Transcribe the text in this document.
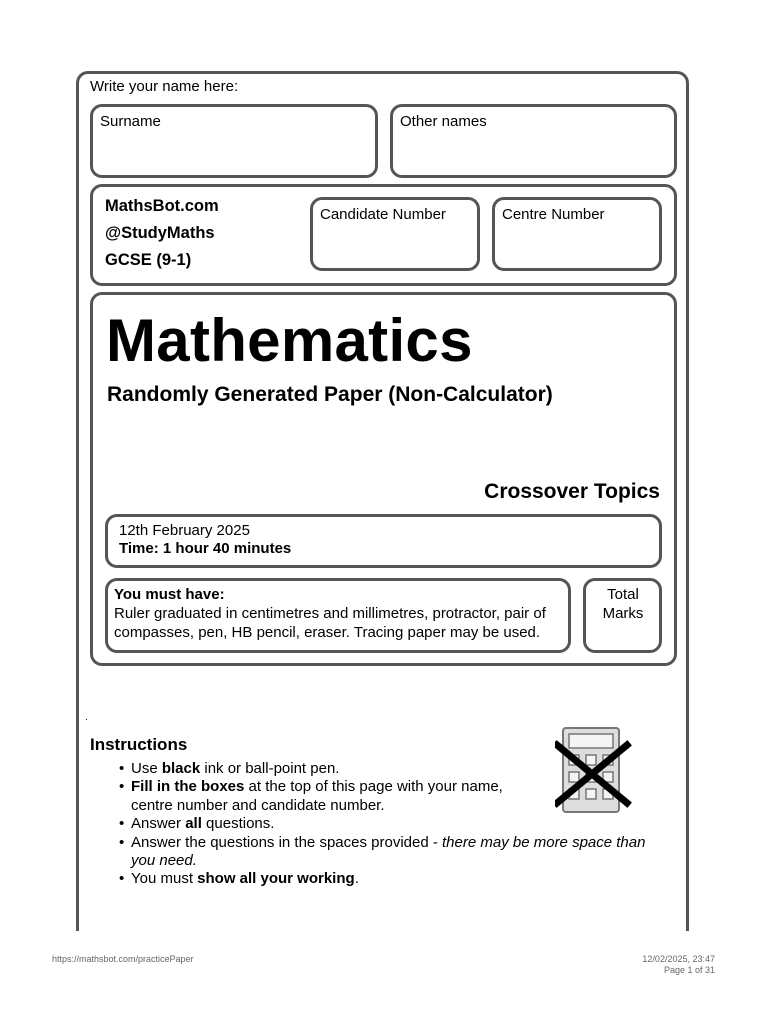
Write your name here:
Surname	Other names
MathsBot.com
@StudyMaths
GCSE (9-1)
Candidate Number	Centre Number
Mathematics
Randomly Generated Paper (Non-Calculator)
Crossover Topics
12th February 2025
Time: 1 hour 40 minutes
You must have:
Ruler graduated in centimetres and millimetres, protractor, pair of compasses, pen, HB pencil, eraser. Tracing paper may be used.
Total
Marks
.
Instructions
• Use black ink or ball-point pen.
• Fill in the boxes at the top of this page with your name, centre number and candidate number.
• Answer all questions.
• Answer the questions in the spaces provided - there may be more space than you need.
• You must show all your working.
https://mathsbot.com/practicePaper	12/02/2025, 23:47
Page 1 of 31
